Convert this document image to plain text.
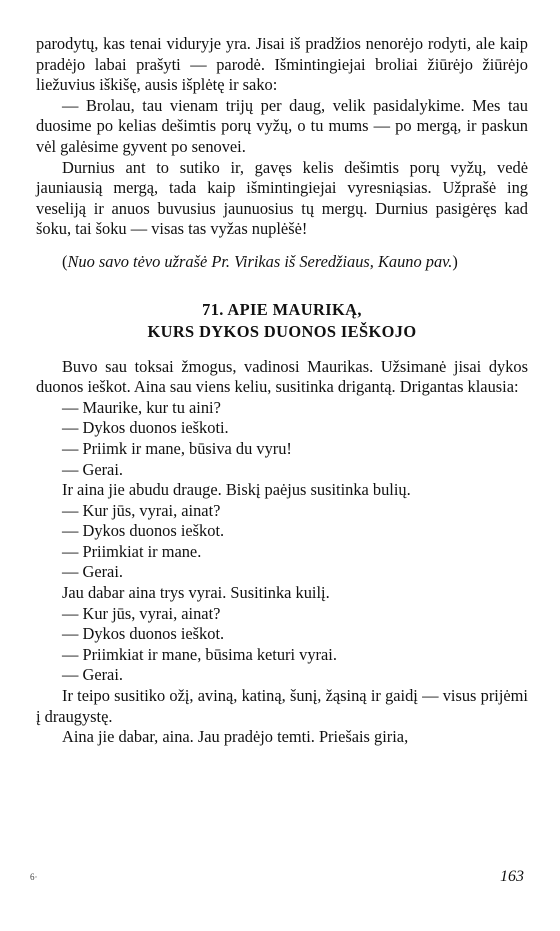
parodytų, kas tenai viduryje yra. Jisai iš pradžios nenorėjo rodyti, ale kaip pradėjo labai prašyti — parodė. Išmintingiejai broliai žiūrėjo žiūrėjo liežuvius iškišę, ausis išplėtę ir sako:

— Brolau, tau vienam trijų per daug, velik pasidalykime. Mes tau duosime po kelias dešimtis porų vyžų, o tu mums — po mergą, ir paskun vėl galėsime gyvent po senovei.

Durnius ant to sutiko ir, gavęs kelis dešimtis porų vyžų, vedė jauniausią mergą, tada kaip išmintingiejai vyresniąsias. Užprašė ing veseliją ir anuos buvusius jaunuosius tų mergų. Durnius pasigėręs kad šoku, tai šoku — visas tas vyžas nuplėšė!

(Nuo savo tėvo užrašė Pr. Virikas iš Seredžiaus, Kauno pav.)

71. APIE MAURIKĄ,
KURS DYKOS DUONOS IEŠKOJO

Buvo sau toksai žmogus, vadinosi Maurikas. Užsimanė jisai dykos duonos ieškot. Aina sau viens keliu, susitinka drigantą. Drigantas klausia:

— Maurike, kur tu aini?

— Dykos duonos ieškoti.

— Priimk ir mane, būsiva du vyru!

— Gerai.

Ir aina jie abudu drauge. Biskį paėjus susitinka bulių.

— Kur jūs, vyrai, ainat?

— Dykos duonos ieškot.

— Priimkiat ir mane.

— Gerai.

Jau dabar aina trys vyrai. Susitinka kuilį.

— Kur jūs, vyrai, ainat?

— Dykos duonos ieškot.

— Priimkiat ir mane, būsima keturi vyrai.

— Gerai.

Ir teipo susitiko ožį, aviną, katiną, šunį, žąsiną ir gaidį — visus prijėmi į draugystę.

Aina jie dabar, aina. Jau pradėjo temti. Priešais giria,

6·	163
